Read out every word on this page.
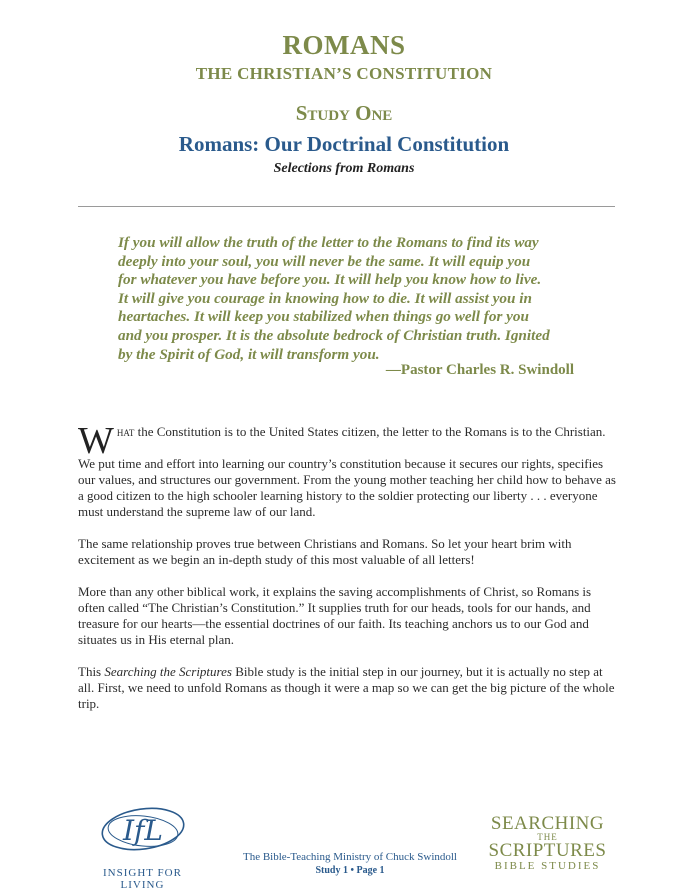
ROMANS
THE CHRISTIAN’S CONSTITUTION
Study One
Romans: Our Doctrinal Constitution
Selections from Romans

If you will allow the truth of the letter to the Romans to find its way
deeply into your soul, you will never be the same. It will equip you
for whatever you have before you. It will help you know how to live.
It will give you courage in knowing how to die. It will assist you in
heartaches. It will keep you stabilized when things go well for you
and you prosper. It is the absolute bedrock of Christian truth. Ignited
by the Spirit of God, it will transform you.

—Pastor Charles R. Swindoll

What the Constitution is to the United States citizen, the letter to the Romans is to the Christian.

We put time and effort into learning our country’s constitution because it secures our rights, specifies our values, and structures our government. From the young mother teaching her child how to behave as a good citizen to the high schooler learning history to the soldier protecting our liberty . . . everyone must understand the supreme law of our land.

The same relationship proves true between Christians and Romans. So let your heart brim with excitement as we begin an in-depth study of this most valuable of all letters!

More than any other biblical work, it explains the saving accomplishments of Christ, so Romans is often called “The Christian’s Constitution.” It supplies truth for our heads, tools for our hands, and treasure for our hearts—the essential doctrines of our faith. Its teaching anchors us to our God and situates us in His eternal plan.

This Searching the Scriptures Bible study is the initial step in our journey, but it is actually no step at all. First, we need to unfold Romans as though it were a map so we can get the big picture of the whole trip.

IfL
INSIGHT FOR LIVING
The Bible-Teaching Ministry of Chuck Swindoll
Study 1 • Page 1
SEARCHING
THE
SCRIPTURES
BIBLE STUDIES
